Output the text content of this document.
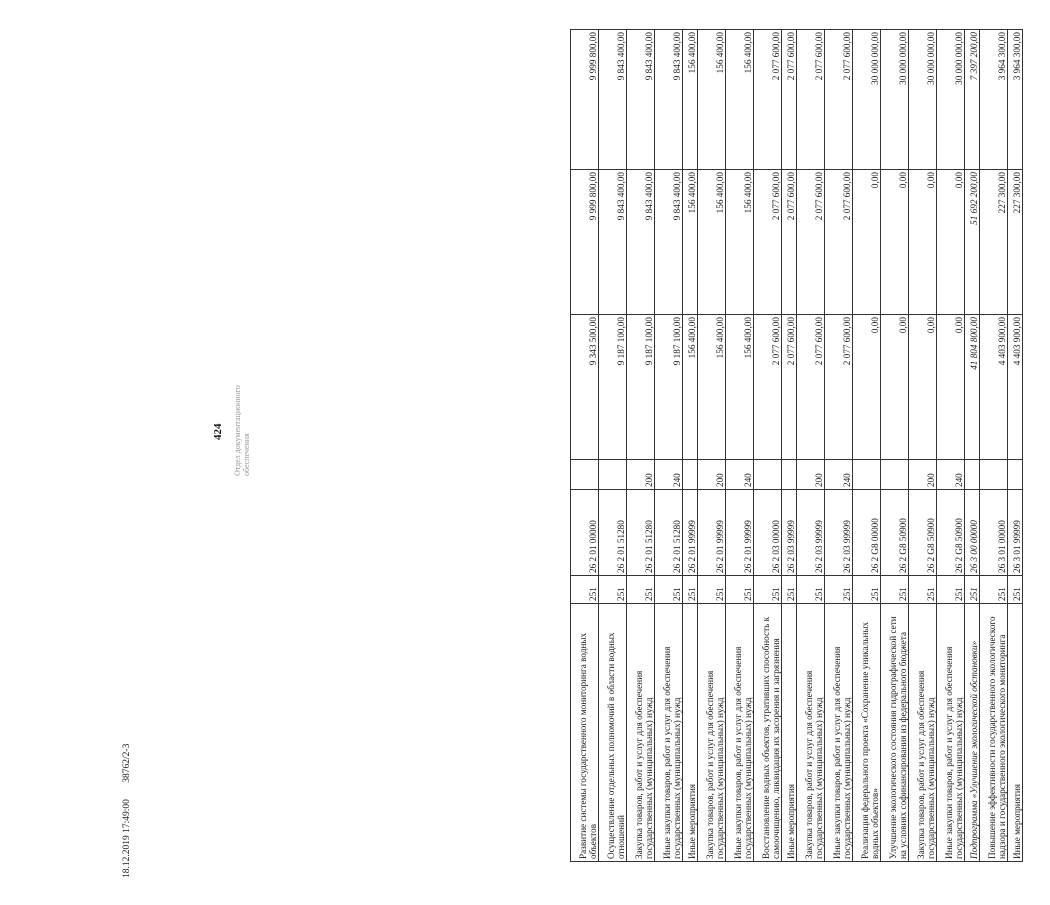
424 Отдел документационного обеспечения
18.12.2019 17:49:00 38762/2-3	Развитие системы государственного мониторинга водных объектов	251	26 2 01 00000		9 343 500,00	9 999 800,00	9 999 800,00
Осуществление отдельных полномочий в области водных отношений	251	26 2 01 51280		9 187 100,00	9 843 400,00	9 843 400,00
Закупка товаров, работ и услуг для обеспечения государственных (муниципальных) нужд	251	26 2 01 51280	200	9 187 100,00	9 843 400,00	9 843 400,00
Иные закупки товаров, работ и услуг для обеспечения государственных (муниципальных) нужд	251	26 2 01 51280	240	9 187 100,00	9 843 400,00	9 843 400,00
Иные мероприятия	251	26 2 01 99999		156 400,00	156 400,00	156 400,00
Закупка товаров, работ и услуг для обеспечения государственных (муниципальных) нужд	251	26 2 01 99999	200	156 400,00	156 400,00	156 400,00
Иные закупки товаров, работ и услуг для обеспечения государственных (муниципальных) нужд	251	26 2 01 99999	240	156 400,00	156 400,00	156 400,00
Восстановление водных объектов, утративших способность к самоочищению, ликвидация их засорения и загрязнения	251	26 2 03 00000		2 077 600,00	2 077 600,00	2 077 600,00
Иные мероприятия	251	26 2 03 99999		2 077 600,00	2 077 600,00	2 077 600,00
Закупка товаров, работ и услуг для обеспечения государственных (муниципальных) нужд	251	26 2 03 99999	200	2 077 600,00	2 077 600,00	2 077 600,00
Иные закупки товаров, работ и услуг для обеспечения государственных (муниципальных) нужд	251	26 2 03 99999	240	2 077 600,00	2 077 600,00	2 077 600,00
Реализация федерального проекта «Сохранение уникальных водных объектов»	251	26 2 G8 00000		0,00	0,00	30 000 000,00
Улучшение экологического состояния гидрографической сети на условиях софинансирования из федерального бюджета	251	26 2 G8 50900		0,00	0,00	30 000 000,00
Закупка товаров, работ и услуг для обеспечения государственных (муниципальных) нужд	251	26 2 G8 50900	200	0,00	0,00	30 000 000,00
Иные закупки товаров, работ и услуг для обеспечения государственных (муниципальных) нужд	251	26 2 G8 50900	240	0,00	0,00	30 000 000,00
Подпрограмма «Улучшение экологической обстановки»	251	26 3 00 00000		41 804 800,00	51 692 200,00	7 397 200,00
Повышение эффективности государственного экологического надзора и государственного экологического мониторинга	251	26 3 01 00000		4 403 900,00	227 300,00	3 964 300,00
Иные мероприятия	251	26 3 01 99999		4 403 900,00	227 300,00	3 964 300,00
